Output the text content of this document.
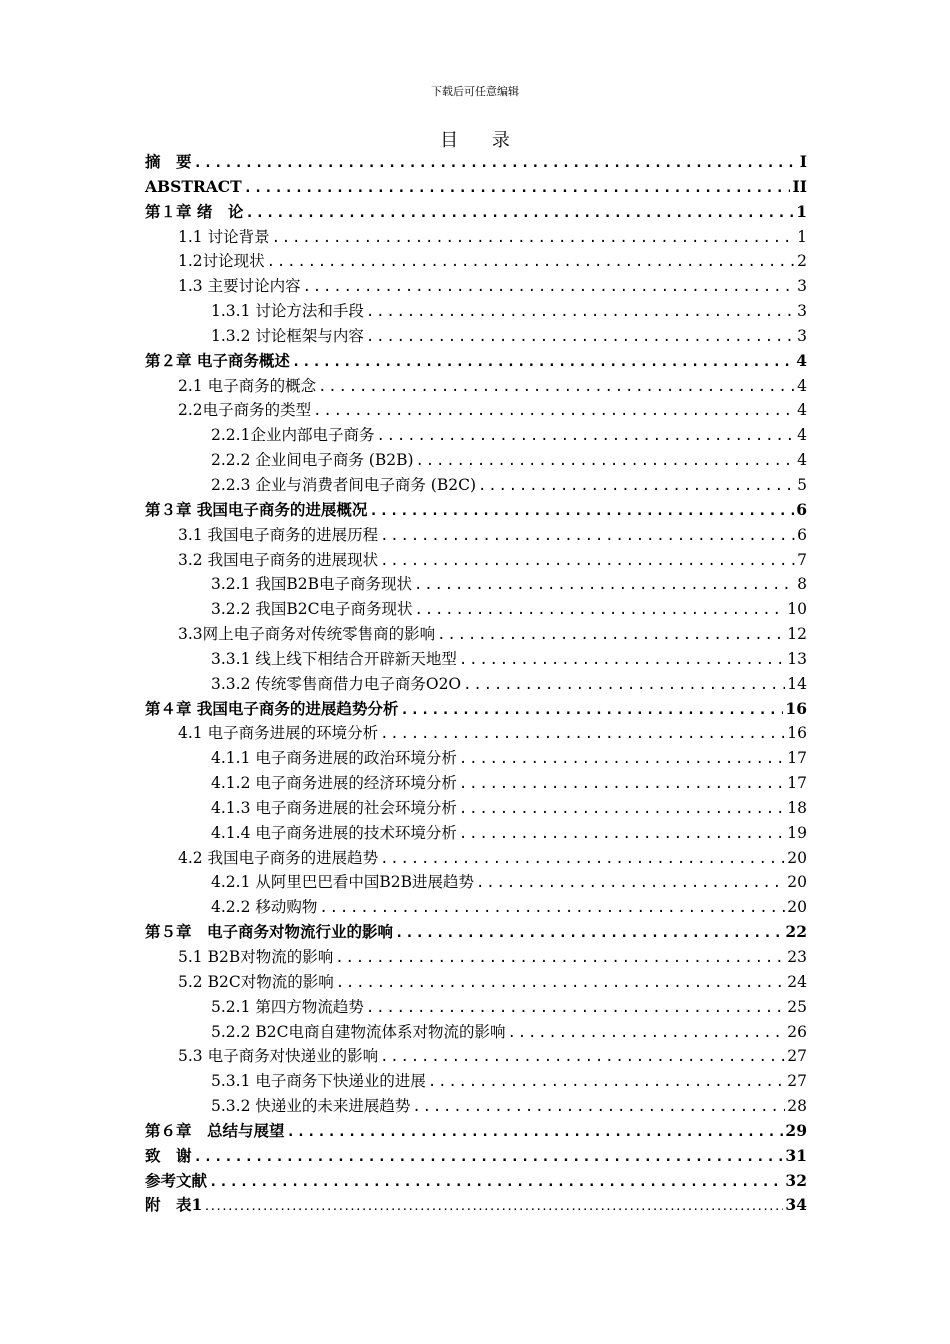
下载后可任意编辑
目 录
摘　要 .....	I
ABSTRACT .....	II
第１章 绪　论 .....	1
1.1 讨论背景 .....	1
1.2讨论现状 .....	2
1.3 主要讨论内容 .....	3
1.3.1 讨论方法和手段 .....	3
1.3.2 讨论框架与内容 .....	3
第２章 电子商务概述 .....	4
2.1 电子商务的概念 .....	4
2.2电子商务的类型 .....	4
2.2.1企业内部电子商务 .....	4
2.2.2 企业间电子商务 (B2B) .....	4
2.2.3 企业与消费者间电子商务 (B2C) .....	5
第３章 我国电子商务的进展概况 .....	6
3.1 我国电子商务的进展历程 .....	6
3.2 我国电子商务的进展现状 .....	7
3.2.1 我国B2B电子商务现状 .....	8
3.2.2 我国B2C电子商务现状 .....	10
3.3网上电子商务对传统零售商的影响 .....	12
3.3.1 线上线下相结合开辟新天地型 .....	13
3.3.2 传统零售商借力电子商务O2O .....	14
第４章 我国电子商务的进展趋势分析 .....	16
4.1 电子商务进展的环境分析 .....	16
4.1.1 电子商务进展的政治环境分析 .....	17
4.1.2 电子商务进展的经济环境分析 .....	17
4.1.3 电子商务进展的社会环境分析 .....	18
4.1.4 电子商务进展的技术环境分析 .....	19
4.2 我国电子商务的进展趋势 .....	20
4.2.1 从阿里巴巴看中国B2B进展趋势 .....	20
4.2.2 移动购物 .....	20
第５章　电子商务对物流行业的影响 .....	22
5.1 B2B对物流的影响 .....	23
5.2 B2C对物流的影响 .....	24
5.2.1 第四方物流趋势 .....	25
5.2.2 B2C电商自建物流体系对物流的影响 .....	26
5.3 电子商务对快递业的影响 .....	27
5.3.1 电子商务下快递业的进展 .....	27
5.3.2 快递业的未来进展趋势 .....	28
第６章　总结与展望 .....	29
致　谢 .....	31
参考文献 .....	32
附　表1 .....	34
